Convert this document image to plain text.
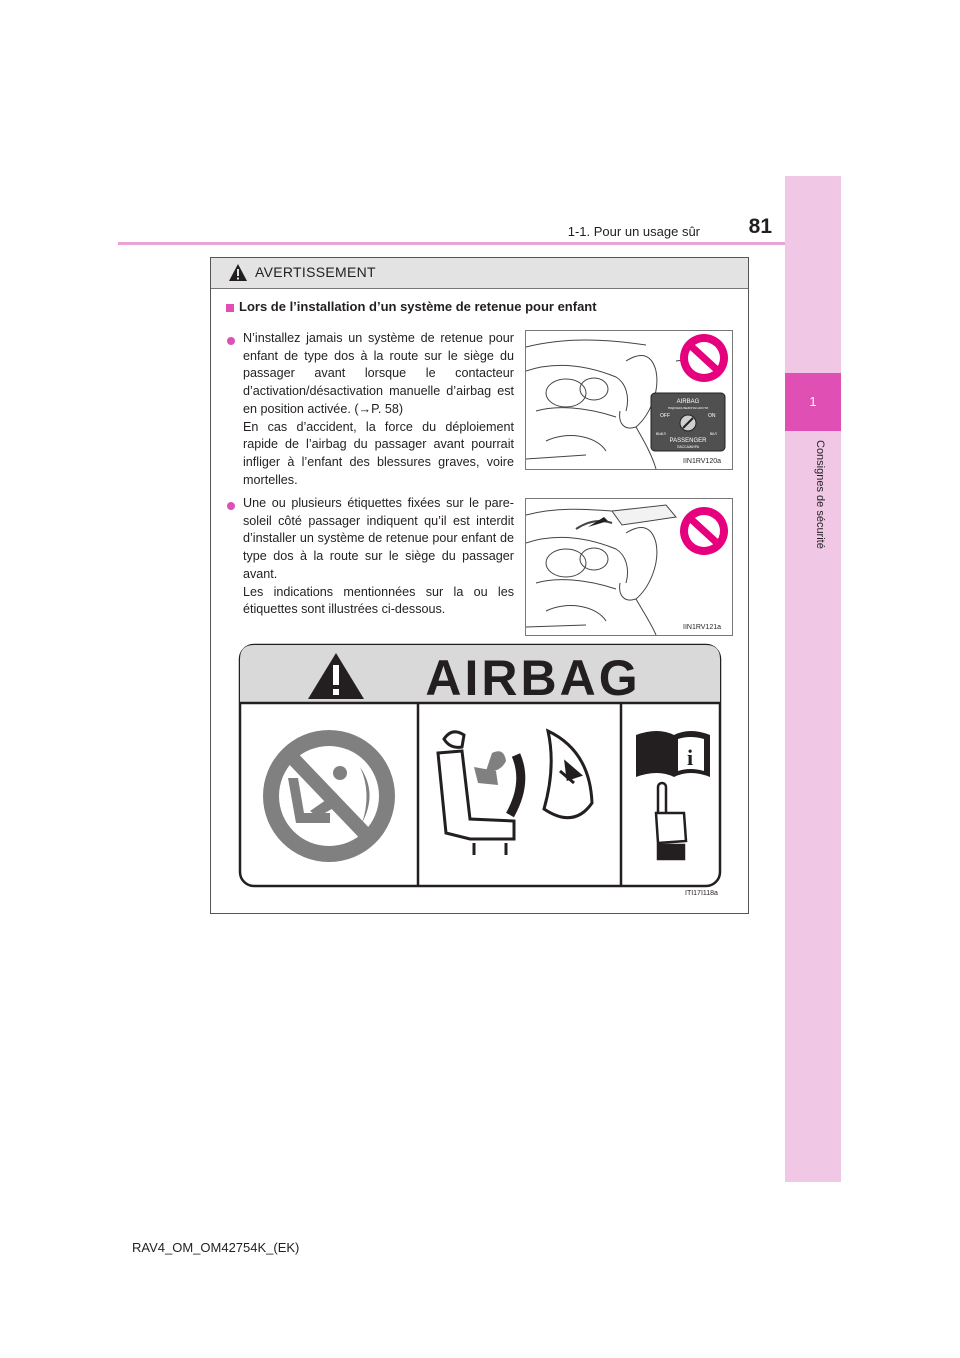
1
Consignes de sécurité
1-1. Pour un usage sûr	81
AVERTISSEMENT
Lors de l’installation d’un système de retenue pour enfant

N’installez jamais un système de retenue pour enfant de type dos à la route sur le siège du passager avant lorsque le contacteur d’activation/désactivation manuelle d’airbag est en position activée. (→P. 58)

En cas d’accident, la force du déploiement rapide de l’airbag du passager avant pourrait infliger à l’enfant des blessures graves, voire mortelles.

AIRBAG
ПОДУШКА БЕЗОПАСНОСТИ
OFF	ON
ВЫКЛ	ВКЛ
PASSENGER
ПАССАЖИРА
IIN1RV120a

Une ou plusieurs étiquettes fixées sur le pare-soleil côté passager indiquent qu’il est interdit d’installer un système de retenue pour enfant de type dos à la route sur le siège du passager avant.

Les indications mentionnées sur la ou les étiquettes sont illustrées ci-dessous.

IIN1RV121a
AIRBAG
i
ITI17I118a
RAV4_OM_OM42754K_(EK)
